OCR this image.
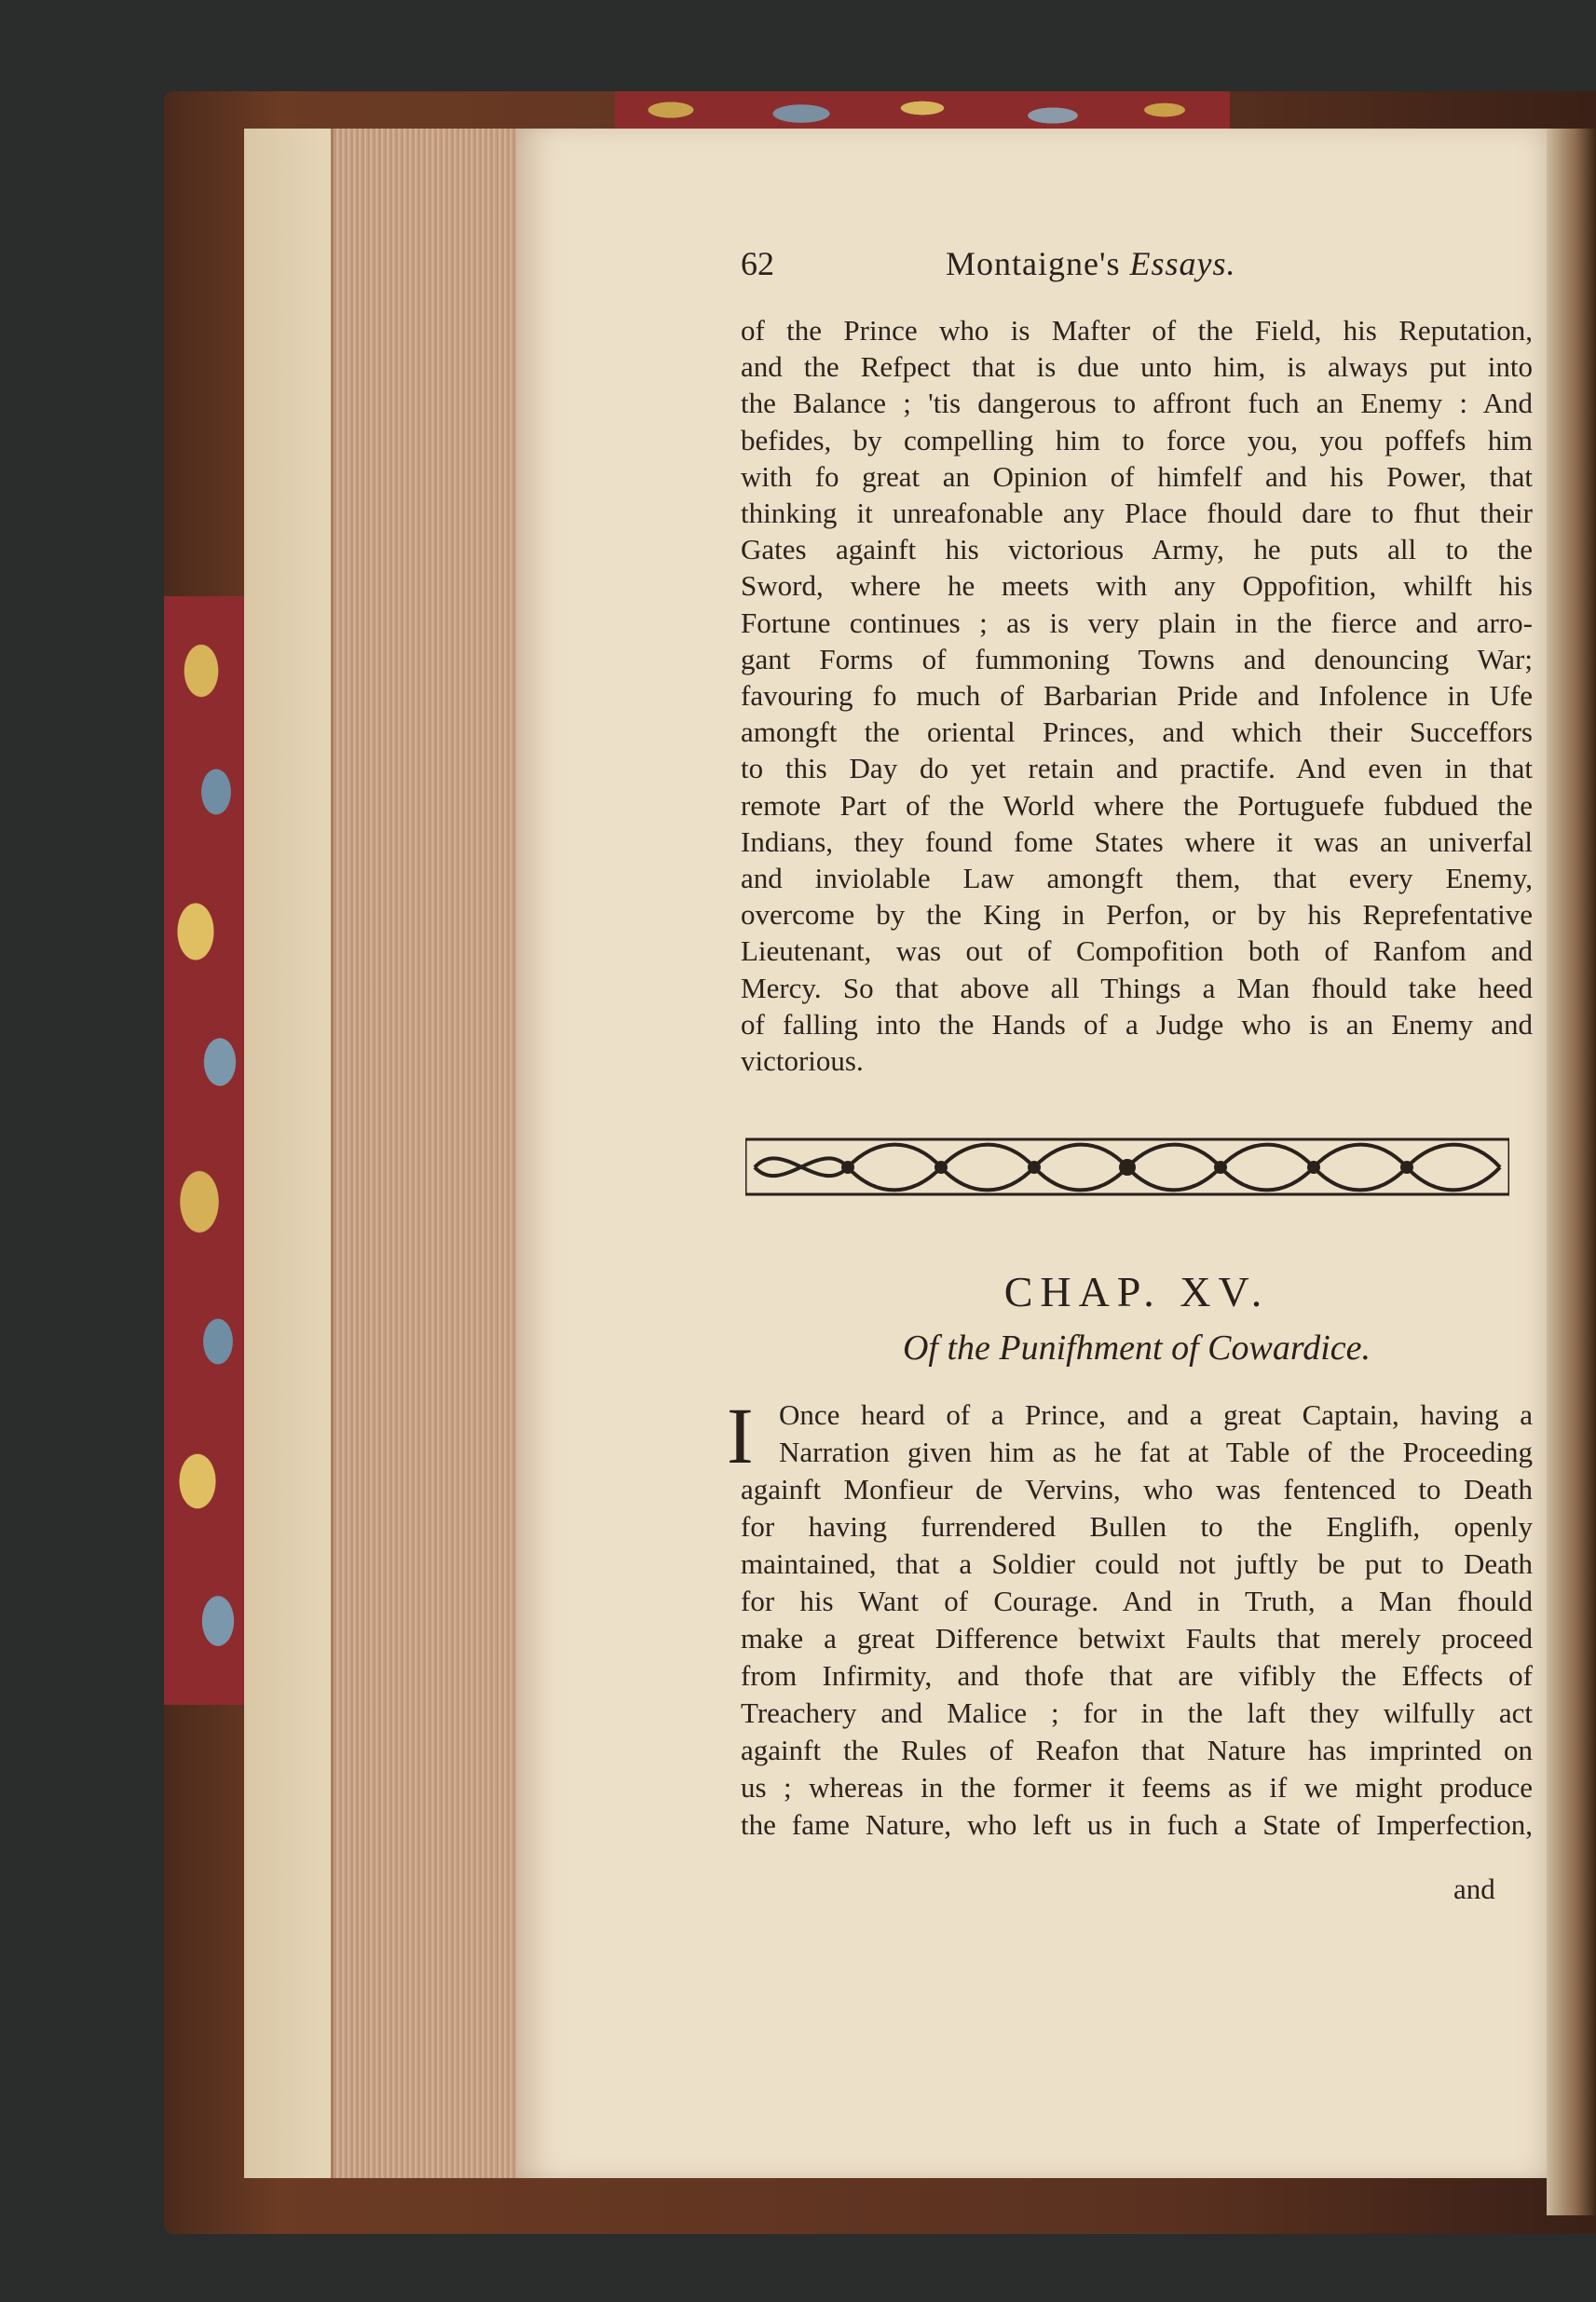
62	Montaigne's Essays.
of the Prince who is Mafter of the Field, his Reputation,
and the Refpect that is due unto him, is always put into
the Balance ; 'tis dangerous to affront fuch an Enemy : And
befides, by compelling him to force you, you poffefs him
with fo great an Opinion of himfelf and his Power, that
thinking it unreafonable any Place fhould dare to fhut their
Gates againft his victorious Army, he puts all to the
Sword, where he meets with any Oppofition, whilft his
Fortune continues ; as is very plain in the fierce and arro-
gant Forms of fummoning Towns and denouncing War;
favouring fo much of Barbarian Pride and Infolence in Ufe
amongft the oriental Princes, and which their Succeffors
to this Day do yet retain and practife. And even in that
remote Part of the World where the Portuguefe fubdued the
Indians, they found fome States where it was an univerfal
and inviolable Law amongft them, that every Enemy,
overcome by the King in Perfon, or by his Reprefentative
Lieutenant, was out of Compofition both of Ranfom and
Mercy. So that above all Things a Man fhould take heed
of falling into the Hands of a Judge who is an Enemy and
victorious.
CHAP. XV.
Of the Punifhment of Cowardice.
I Once heard of a Prince, and a great Captain, having a
Narration given him as he fat at Table of the Proceeding
againft Monfieur de Vervins, who was fentenced to Death
for having furrendered Bullen to the Englifh, openly
maintained, that a Soldier could not juftly be put to Death
for his Want of Courage. And in Truth, a Man fhould
make a great Difference betwixt Faults that merely proceed
from Infirmity, and thofe that are vifibly the Effects of
Treachery and Malice ; for in the laft they wilfully act
againft the Rules of Reafon that Nature has imprinted on
us ; whereas in the former it feems as if we might produce
the fame Nature, who left us in fuch a State of Imperfection,
and
